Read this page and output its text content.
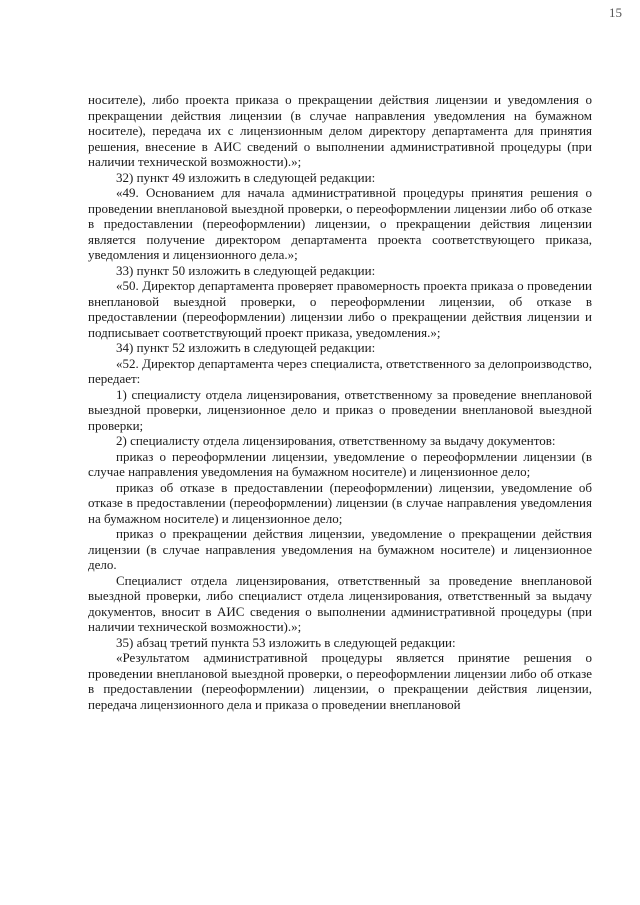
15

носителе), либо проекта приказа о прекращении действия лицензии и уведомления о прекращении действия лицензии (в случае направления уведомления на бумажном носителе), передача их с лицензионным делом директору департамента для принятия решения, внесение в АИС сведений о выполнении административной процедуры (при наличии технической возможности).»;

32) пункт 49 изложить в следующей редакции:

«49. Основанием для начала административной процедуры принятия решения о проведении внеплановой выездной проверки, о переоформлении лицензии либо об отказе в предоставлении (переоформлении) лицензии, о прекращении действия лицензии является получение директором департамента проекта соответствующего приказа, уведомления и лицензионного дела.»;

33) пункт 50 изложить в следующей редакции:

«50. Директор департамента проверяет правомерность проекта приказа о проведении внеплановой выездной проверки, о переоформлении лицензии, об отказе в предоставлении (переоформлении) лицензии либо о прекращении действия лицензии и подписывает соответствующий проект приказа, уведомления.»;

34) пункт 52 изложить в следующей редакции:

«52. Директор департамента через специалиста, ответственного за делопроизводство, передает:

1) специалисту отдела лицензирования, ответственному за проведение внеплановой выездной проверки, лицензионное дело и приказ о проведении внеплановой выездной проверки;

2) специалисту отдела лицензирования, ответственному за выдачу документов:

приказ о переоформлении лицензии, уведомление о переоформлении лицензии (в случае направления уведомления на бумажном носителе) и лицензионное дело;

приказ об отказе в предоставлении (переоформлении) лицензии, уведомление об отказе в предоставлении (переоформлении) лицензии (в случае направления уведомления на бумажном носителе) и лицензионное дело;

приказ о прекращении действия лицензии, уведомление о прекращении действия лицензии (в случае направления уведомления на бумажном носителе) и лицензионное дело.

Специалист отдела лицензирования, ответственный за проведение внеплановой выездной проверки, либо специалист отдела лицензирования, ответственный за выдачу документов, вносит в АИС сведения о выполнении административной процедуры (при наличии технической возможности).»;

35) абзац третий пункта 53 изложить в следующей редакции:

«Результатом административной процедуры является принятие решения о проведении внеплановой выездной проверки, о переоформлении лицензии либо об отказе в предоставлении (переоформлении) лицензии, о прекращении действия лицензии, передача лицензионного дела и приказа о проведении внеплановой
